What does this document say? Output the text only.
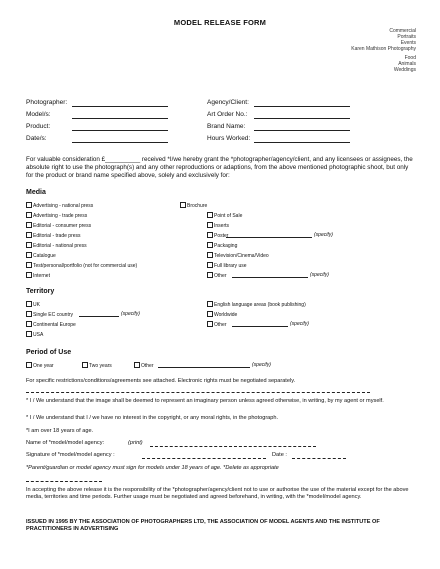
MODEL RELEASE FORM
Commercial
Portraits
Events
Karen Mathison Photography
Food
Animals
Weddings
Photographer:
Model/s:
Product:
Date/s:
Agency/Client:
Art Order No.:
Brand Name:
Hours Worked:
For valuable consideration £__________ received *I/we hereby grant the *photographer/agency/client, and any licensees or assignees, the absolute right to use the photograph(s) and any other reproductions or adaptions, from the above mentioned photographic shoot, but only for the product or brand name specified above, solely and exclusively for:
Media
Advertising - national press
Advertising - trade press
Editorial - consumer press
Editorial - trade press
Editorial - national press
Catalogue
Test/personal/portfolio (not for commercial use)
Internet
Brochure
Point of Sale
Inserts
Poster	(specify)
Packaging
Television/Cinema/Video
Full library use
Other	(specify)
Territory
UK
Single EC country	(specify)
Continental Europe
USA
English language areas (book publishing)
Worldwide
Other	(specify)
Period of Use
One year	Two years	Other	(specify)
For specific restrictions/conditions/agreements see attached. Electronic rights must be negotiated separately.
* I / We understand that the image shall be deemed to represent an imaginary person unless agreed otherwise, in writing, by my agent or myself.
* I / We understand that I / we have no interest in the copyright, or any moral rights, in the photograph.
*I am over 18 years of age.
Name of *model/model agency:	(print)
Signature of *model/model agency :	Date :
*Parent/guardian or model agency must sign for models under 18 years of age. *Delete as appropriate
In accepting the above release it is the responsibility of the *photographer/agency/client not to use or authorise the use of the material except for the above media, territories and time periods. Further usage must be negotiated and agreed beforehand, in writing, with the *model/model agency.
ISSUED IN 1995 BY THE ASSOCIATION OF PHOTOGRAPHERS LTD, THE ASSOCIATION OF MODEL AGENTS AND THE INSTITUTE OF PRACTITIONERS IN ADVERTISING
